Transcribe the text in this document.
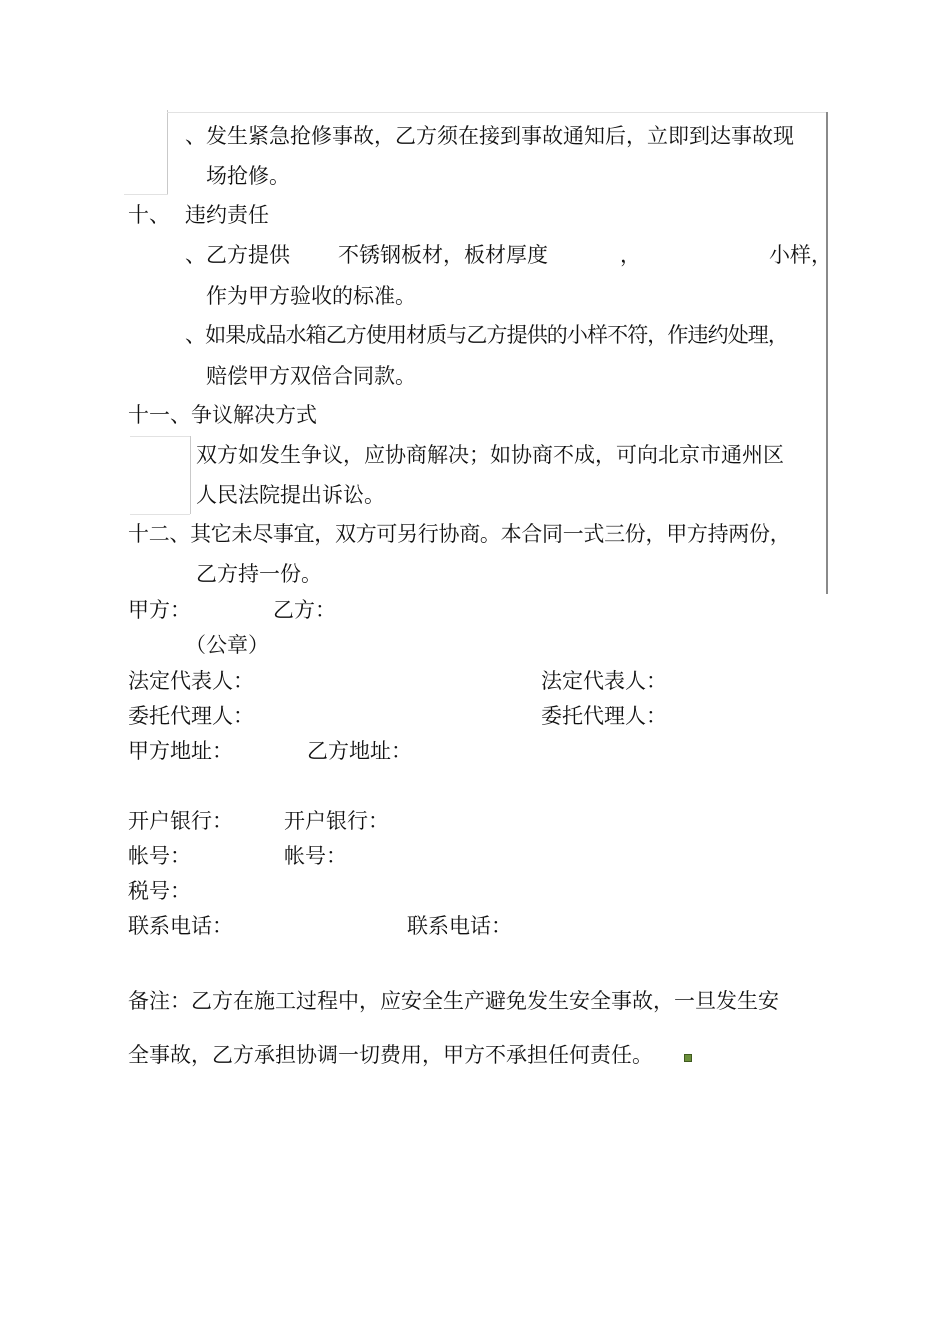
、发生紧急抢修事故，乙方须在接到事故通知后，立即到达事故现
场抢修。
十、 违约责任
、乙方提供 不锈钢板材，板材厚度	，	小样，
作为甲方验收的标准。
、如果成品水箱乙方使用材质与乙方提供的小样不符，作违约处理，
赔偿甲方双倍合同款。
十一、争议解决方式
双方如发生争议，应协商解决；如协商不成，可向北京市通州区
人民法院提出诉讼。
十二、其它未尽事宜，双方可另行协商。本合同一式三份，甲方持两份，
乙方持一份。
甲方：	乙方：
（公章）
法定代表人：	法定代表人：
委托代理人：	委托代理人：
甲方地址：	乙方地址：
开户银行： 开户银行：
帐号：	帐号：
税号：
联系电话：	联系电话：
备注：乙方在施工过程中，应安全生产避免发生安全事故，一旦发生安
全事故，乙方承担协调一切费用，甲方不承担任何责任。
